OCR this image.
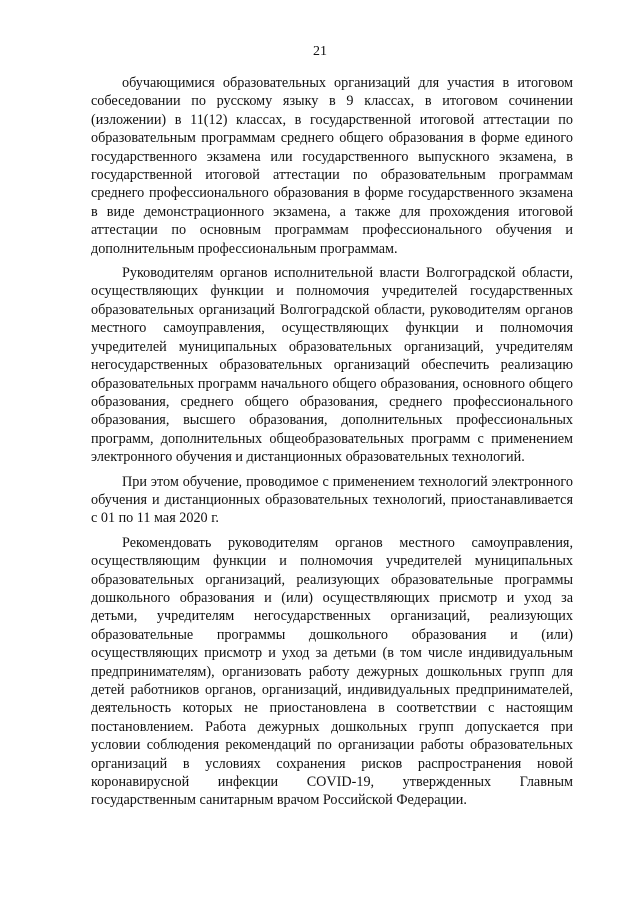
21

обучающимися образовательных организаций для участия в итоговом собеседовании по русскому языку в 9 классах, в итоговом сочинении (изложении) в 11(12) классах, в государственной итоговой аттестации по образовательным программам среднего общего образования в форме единого государственного экзамена или государственного выпускного экзамена, в государственной итоговой аттестации по образовательным программам среднего профессионального образования в форме государственного экзамена в виде демонстрационного экзамена, а также для прохождения итоговой аттестации по основным программам профессионального обучения и дополнительным профессиональным программам.

Руководителям органов исполнительной власти Волгоградской области, осуществляющих функции и полномочия учредителей государственных образовательных организаций Волгоградской области, руководителям органов местного самоуправления, осуществляющих функции и полномочия учредителей муниципальных образовательных организаций, учредителям негосударственных образовательных организаций обеспечить реализацию образовательных программ начального общего образования, основного общего образования, среднего общего образования, среднего профессионального образования, высшего образования, дополнительных профессиональных программ, дополнительных общеобразовательных программ с применением электронного обучения и дистанционных образовательных технологий.

При этом обучение, проводимое с применением технологий электронного обучения и дистанционных образовательных технологий, приостанавливается с 01 по 11 мая 2020 г.

Рекомендовать руководителям органов местного самоуправления, осуществляющим функции и полномочия учредителей муниципальных образовательных организаций, реализующих образовательные программы дошкольного образования и (или) осуществляющих присмотр и уход за детьми, учредителям негосударственных организаций, реализующих образовательные программы дошкольного образования и (или) осуществляющих присмотр и уход за детьми (в том числе индивидуальным предпринимателям), организовать работу дежурных дошкольных групп для детей работников органов, организаций, индивидуальных предпринимателей, деятельность которых не приостановлена в соответствии с настоящим постановлением. Работа дежурных дошкольных групп допускается при условии соблюдения рекомендаций по организации работы образовательных организаций в условиях сохранения рисков распространения новой коронавирусной инфекции COVID-19, утвержденных Главным государственным санитарным врачом Российской Федерации.
